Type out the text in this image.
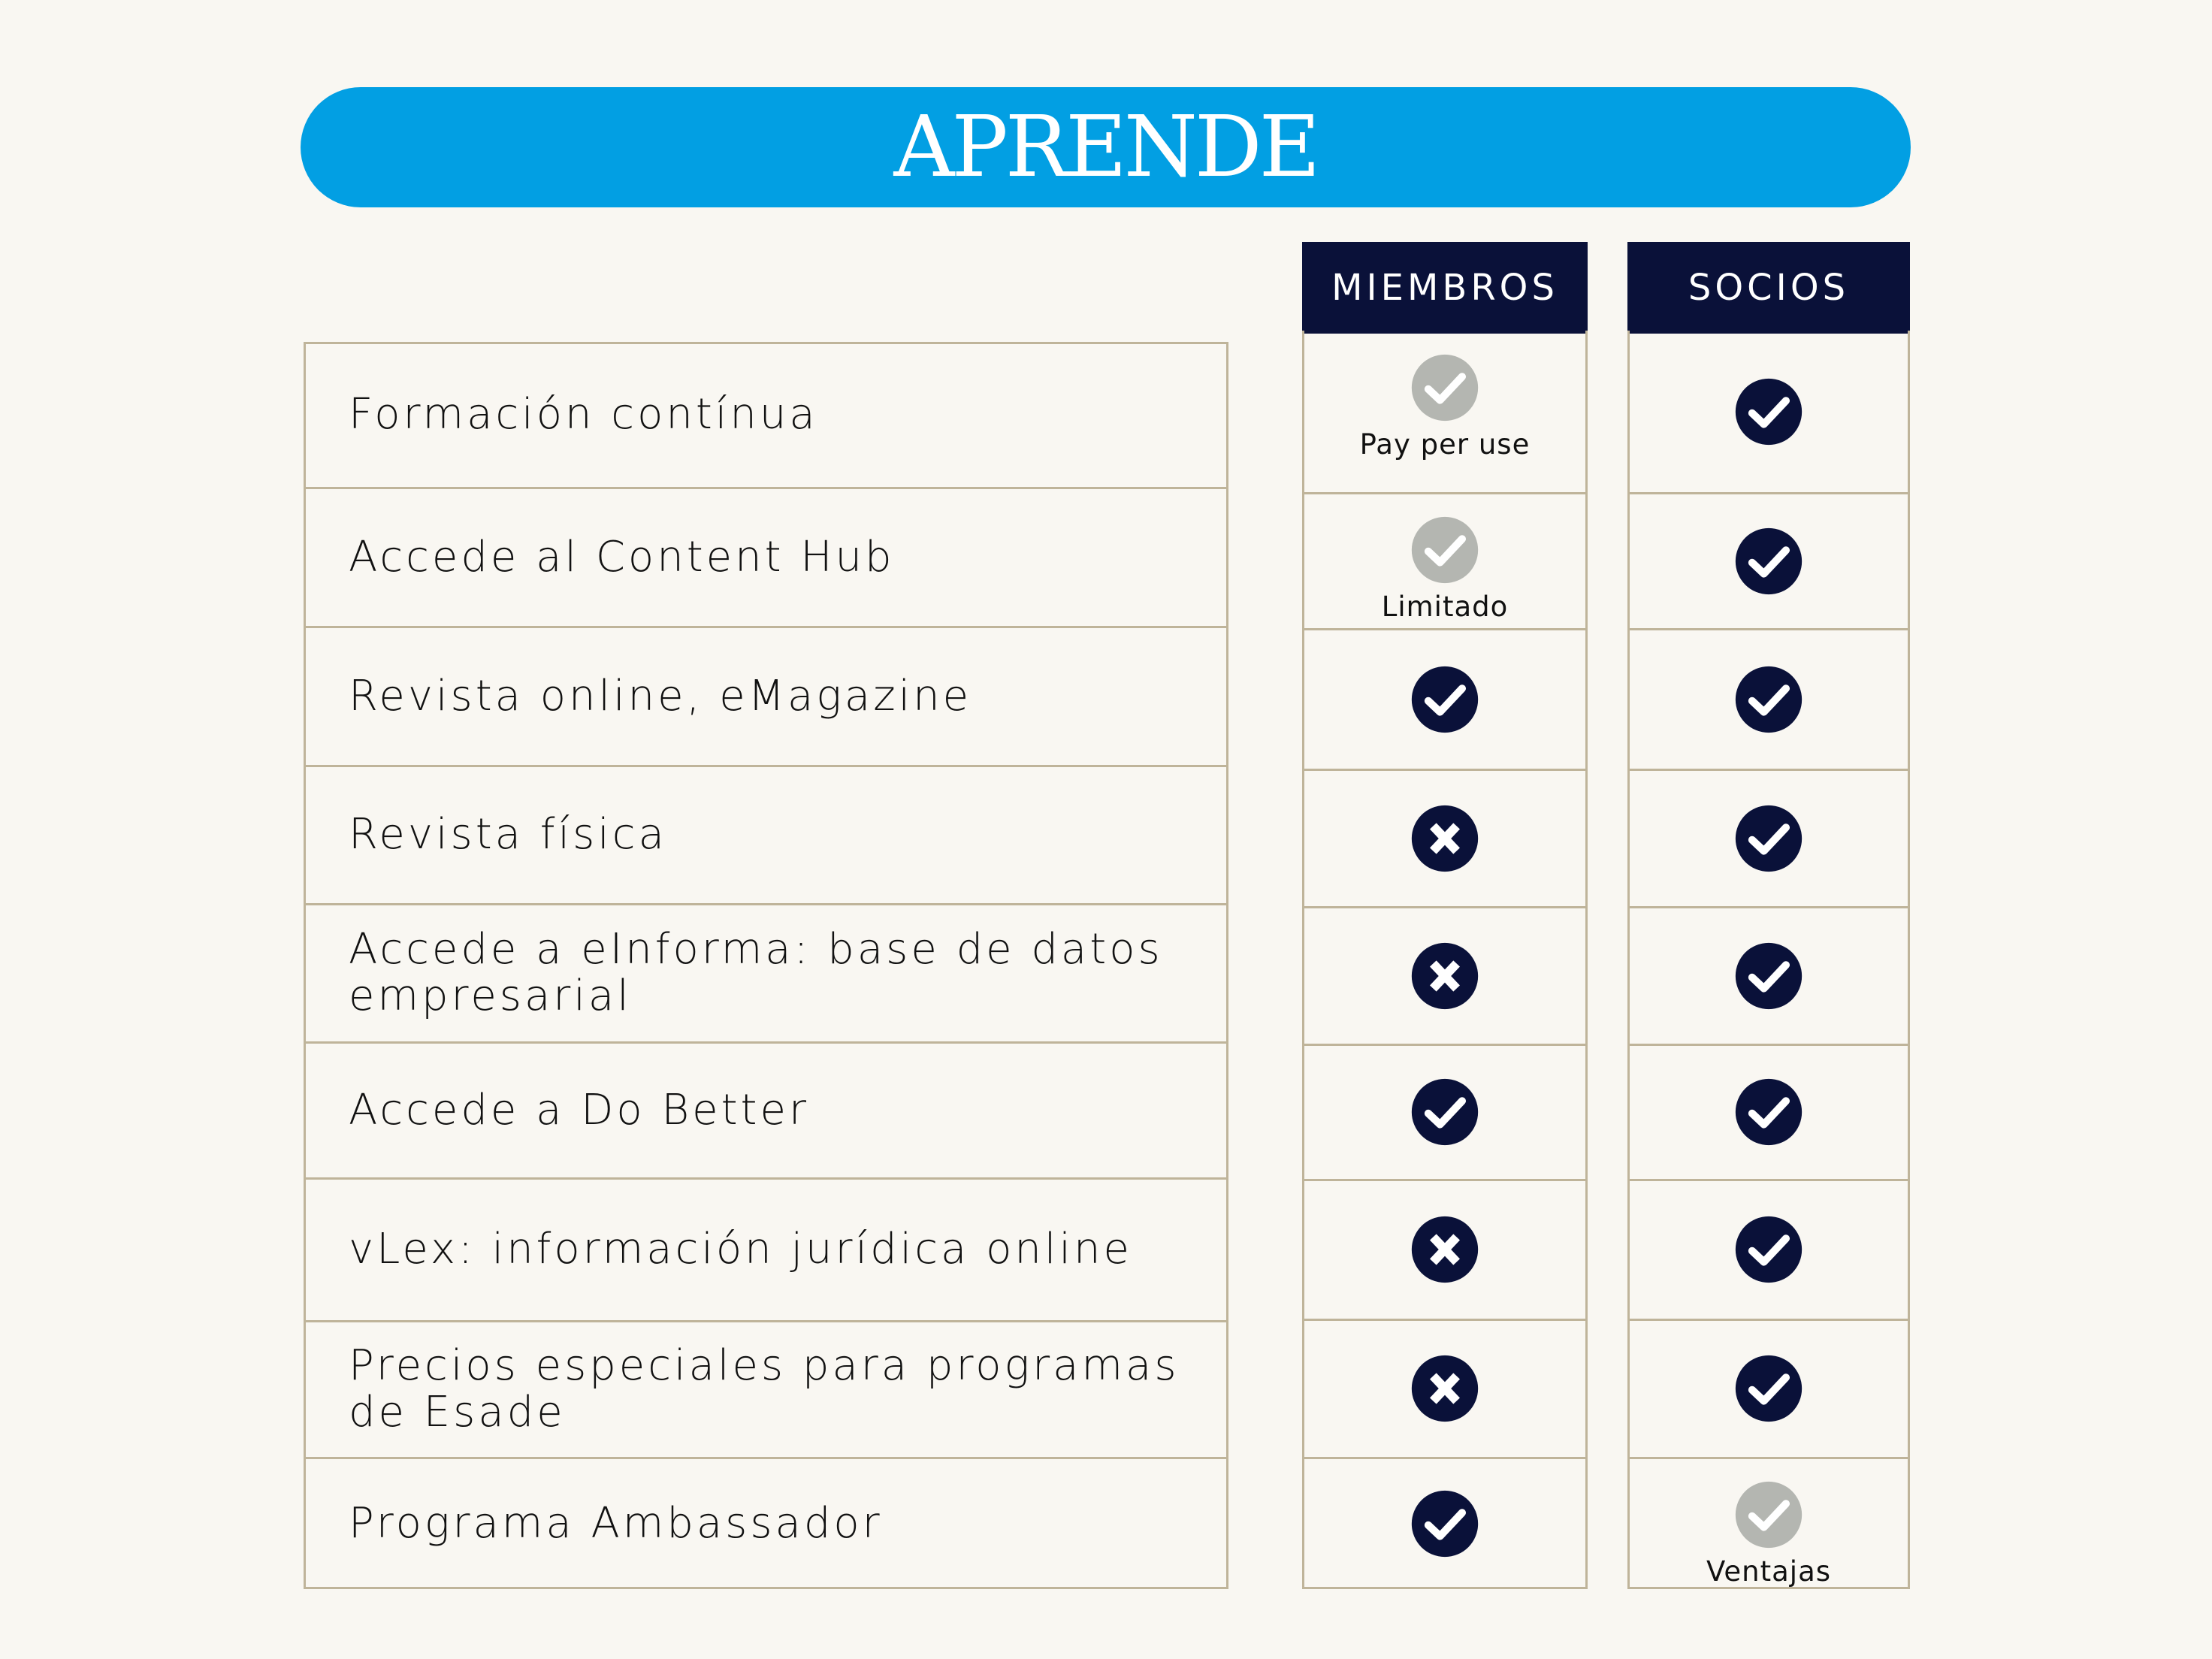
APRENDE
MIEMBROS	SOCIOS
Formación contínua
Pay per use
Accede al Content Hub
Limitado
Revista online, eMagazine
Revista física
Accede a eInforma: base de datos empresarial
Accede a Do Better
vLex: información jurídica online
Precios especiales para programas de Esade
Programa Ambassador
Ventajas
